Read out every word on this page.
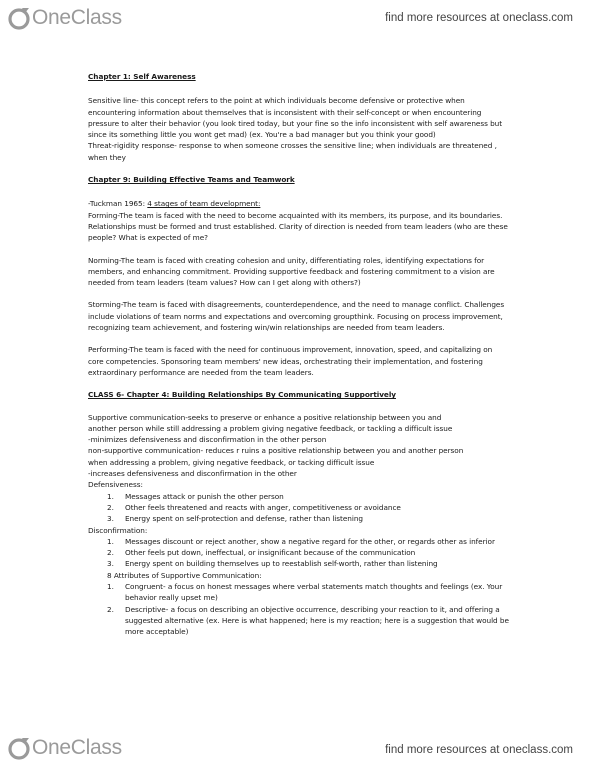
OneClass	find more resources at oneclass.com

Chapter 1: Self Awareness

Sensitive line- this concept refers to the point at which individuals become defensive or protective when encountering information about themselves that is inconsistent with their self-concept or when encountering pressure to alter their behavior (you look tired today, but your fine so the info inconsistent with self awareness but since its something little you wont get mad) (ex. You're a bad manager but you think your good)

Threat-rigidity response- response to when someone crosses the sensitive line; when individuals are threatened , when they

Chapter 9: Building Effective Teams and Teamwork

-Tuckman 1965: 4 stages of team development:

Forming-The team is faced with the need to become acquainted with its members, its purpose, and its boundaries. Relationships must be formed and trust established. Clarity of direction is needed from team leaders (who are these people? What is expected of me?

Norming-The team is faced with creating cohesion and unity, differentiating roles, identifying expectations for members, and enhancing commitment. Providing supportive feedback and fostering commitment to a vision are needed from team leaders (team values? How can I get along with others?)

Storming-The team is faced with disagreements, counterdependence, and the need to manage conflict. Challenges include violations of team norms and expectations and overcoming groupthink. Focusing on process improvement, recognizing team achievement, and fostering win/win relationships are needed from team leaders.

Performing-The team is faced with the need for continuous improvement, innovation, speed, and capitalizing on core competencies. Sponsoring team members' new ideas, orchestrating their implementation, and fostering extraordinary performance are needed from the team leaders.

CLASS 6- Chapter 4: Building Relationships By Communicating Supportively

Supportive communication-seeks to preserve or enhance a positive relationship between you and

another person while still addressing a problem giving negative feedback, or tackling a difficult issue

-minimizes defensiveness and disconfirmation in the other person

non-supportive communication- reduces r ruins a positive relationship between you and another person

when addressing a problem, giving negative feedback, or tacking difficult issue

-increases defensiveness and disconfirmation in the other

Defensiveness:

1. Messages attack or punish the other person
2. Other feels threatened and reacts with anger, competitiveness or avoidance
3. Energy spent on self-protection and defense, rather than listening

Disconfirmation:

1. Messages discount or reject another, show a negative regard for the other, or regards other as inferior
2. Other feels put down, ineffectual, or insignificant because of the communication
3. Energy spent on building themselves up to reestablish self-worth, rather than listening

8 Attributes of Supportive Communication:

1. Congruent- a focus on honest messages where verbal statements match thoughts and feelings (ex. Your behavior really upset me)
2. Descriptive- a focus on describing an objective occurrence, describing your reaction to it, and offering a suggested alternative (ex. Here is what happened; here is my reaction; here is a suggestion that would be more acceptable)
OneClass	find more resources at oneclass.com
